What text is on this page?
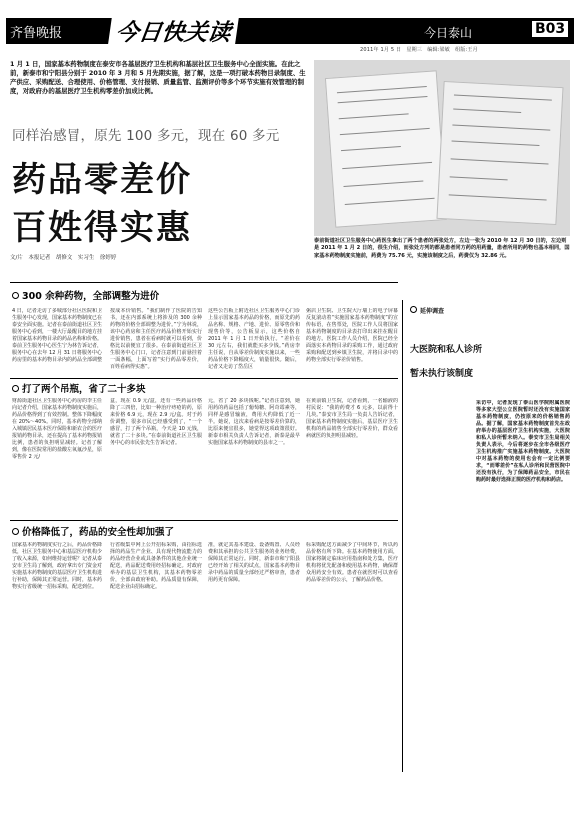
齐鲁晚报 今日快关读	今日泰山	B03
2011年 1月 5 日　星期三　编辑:梁敏　组版:王月
1 月 1 日，国家基本药物制度在泰安市各基层医疗卫生机构和基层社区卫生服务中心全面实施。在此之前，新泰市和宁阳县分别于 2010 年 3 月和 5 月先期实施，据了解，这是一项打破本药物目录制度、生产供应、采购配送、合理使用、价格管理、支付报销、质量监管、监测评价等多个环节实施有效管理的制度，对政府办的基层医疗卫生机构零差价加成比例。
泰前街道社区卫生服务中心药医生拿出了两个患者的两张处方，左边一张为 2010 年 12 月 30 日的，左边则是 2011 年 1 月 2 日的，很生介绍，而张处方列的都是患者同方药的用药量，患者所用的药物也基本相同，国家基本药物制度实施前，药费为 75.76 元，实施该制度之后，药费仅为 32.86 元。
同样治感冒，原先 100 多元，现在 60 多元
药品零差价
百姓得实惠
文/片　本报记者　胡修文　实习生　徐婷婷
300 余种药物，全部调整为进价
4 日，记者走访了多城部分社区医院和卫生服务中心发现，国家基本药物制度已在泰安全面实施。记者在泰前街道社区卫生服务中心看到，一楼大厅最醒目的地方挂着国家基本药物目录的药品名称和价格。泰前卫生服务中心医生宁为林告诉记者，服务中心在去年 12 月 31 日将服务中心药房里的基本药物目录内的药品全部调整
按成本价销售。“我们制作了医院的告知书，还在内部系统上将涉及的 300 余种药物的价格全部调整为进价。”宁为林说，该中心药房和主任医疗药品价格开始实行进价销售，患者在看病时就可以看到，价格比以前便宜了很多。在泰前街道社区卫生服务中心门口，记者注意到门前悬挂着一面条幅，上面写着“实行药品零差价，百姓看病得实惠”。
这些公告板上附近社区卫生服务中心门诊上显示国家基本药品的价格，而原先的药品名称、规格、产地、进价、原零售价和现售价等，公告板显示，这些价格自 2011 年 1 月 1 日开始执行。“差价在 30 元左右，我们就能买多少钱。”药房李主任说，自从零差价制度实施以来，一些药品价格下降幅度大，销量很快。随后，记者又走访了岱岳区
粥店卫生院、卫生院大厅墙上的电子屏幕反复滚动着“实施国家基本药物制度”的宣传标语，在售票处，医院工作人员将国家基本药物制度的目录表打印出来挂在醒目的地方。医院工作人员介绍，医院已经全面落实本药物目录的采购工作，通过政府采购和配送到乡镇卫生院，并将目录中的药物全部实行零差价销售。
打了两个吊瓶，省了二十多块
财源街道社区卫生服务中心药房的李主任向记者介绍，国家基本药物制度实施后，药品价格得到了有效控制。整体下降幅度在 20%～40%。同时，基本药物全部纳入城镇居民基本医疗保险和新农合的医疗报销药物目录，还在提高了基本药物报销比例，患者的负担明显减轻。记者了解到，像在医院常用的盐酸左氧氟沙星，原零售价 2 元/
盒，现在 0.9 元/盒，还有一些药品价格降了三四倍，比如一种治疗痔疮的药，原来价格 6.9 元，现在 2.9 元/盒。对于药价调整，很多市民已经感受到了，“一个感冒，打了两个吊瓶，今天是 10 元钱，就省了二十多块。”在泰前街道社区卫生服务中心的市民张先生告诉记者。
元，省了 20 多块钱呢。”记者注意到，她用药的药品包括了葡萄糖、阿奇霉素等，同样是感冒输液，费用大约降低了近一半。她说，这次来看病是按零差价算的，比原来便宜很多，她觉得这项政策很好。新泰市相关负责人告诉记者，新泰是最早实施国家基本药物制度的县市之一。
在黄前镇卫生院，记者看到，一名输液的村民说：“我的药费才 6 元多，以前得十几块。”泰安市卫生局一负责人告诉记者，国家基本药物制度实施后，基层医疗卫生机构的药品销售全部实行零差价，群众看病就医的负担明显减轻。
价格降低了，药品的安全性却加强了
国家基本药物制度实行之后，药品价格降低，社区卫生服务中心和基层医疗机构少了收入来源，如何维持运营呢？记者从泰安市卫生局了解到，政府拿出专门资金对实施基本药物制度的基层医疗卫生机构进行补助，保障其正常运营。同时，基本药物实行省级统一招标采购，配送到位。
行省级集中网上公开招标采购，由招标选择的药品生产企业、具有现代物流能力的药品经营企业或具备条件的其他企业统一配送，药品配送费用经招标确定。对政府举办的基层卫生机构，其基本药物零差价，全部由政府补助。药品质量有保障，配送企业由招标确定。
准，就定其基本建设、设备购置、人员经费和其承担的公共卫生服务的业务经费，保障其正常运行。同时，新泰市和宁阳县已经开始了相关的试点，国家基本药物目录中药品的质量全部经过严格审查，患者用药更有保障。
标采购配送方面减少了中间环节，所以药品价格有所下降。在基本药物使用方面，国家将制定临床应用指南和处方集，医疗机构将优先配备和使用基本药物，确保群众用药安全有效。患者在就医时可以查看药品零差价的公示，了解药品价格。
延伸调查
大医院和私人诊所
暂未执行该制度
采访中，记者发现了泰山医学院附属医院等多家大型公立医院暂时还没有实施国家基本药物制度，仍按原来的价格销售药品。据了解，国家基本药物制度首先在政府举办的基层医疗卫生机构实施，大医院和私人诊所暂未纳入。泰安市卫生局相关负责人表示，今后将逐步在全市各级医疗卫生机构推广实施基本药物制度。大医院中对基本药物的使用也会有一定比例要求，“而零差价”在私人诊所和民营医院中还没有执行，为了保障药品安全，市民在购药时最好选择正规的医疗机构和药店。
